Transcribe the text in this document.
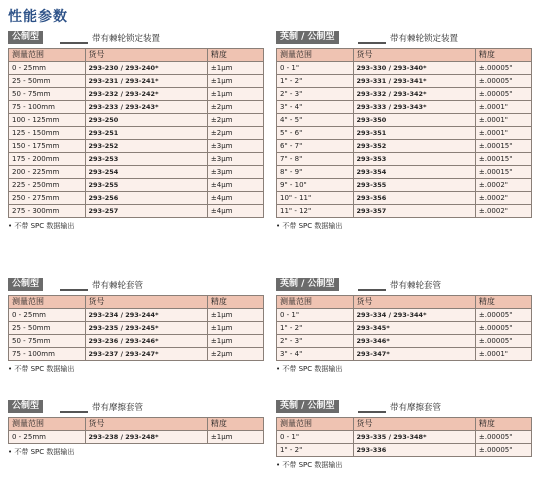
性能参数
公制型	带有棘轮锁定装置
测量范围	货号	精度
0 - 25mm	293-230 / 293-240*	±1μm
25 - 50mm	293-231 / 293-241*	±1μm
50 - 75mm	293-232 / 293-242*	±1μm
75 - 100mm	293-233 / 293-243*	±2μm
100 - 125mm	293-250	±2μm
125 - 150mm	293-251	±2μm
150 - 175mm	293-252	±3μm
175 - 200mm	293-253	±3μm
200 - 225mm	293-254	±3μm
225 - 250mm	293-255	±4μm
250 - 275mm	293-256	±4μm
275 - 300mm	293-257	±4μm
• 不带 SPC 数据输出
英制 / 公制型	带有棘轮锁定装置
测量范围	货号	精度
0 - 1"	293-330 / 293-340*	±.00005"
1" - 2"	293-331 / 293-341*	±.00005"
2" - 3"	293-332 / 293-342*	±.00005"
3" - 4"	293-333 / 293-343*	±.0001"
4" - 5"	293-350	±.0001"
5" - 6"	293-351	±.0001"
6" - 7"	293-352	±.00015"
7" - 8"	293-353	±.00015"
8" - 9"	293-354	±.00015"
9" - 10"	293-355	±.0002"
10" - 11"	293-356	±.0002"
11" - 12"	293-357	±.0002"
• 不带 SPC 数据输出
公制型	带有棘轮套管
测量范围	货号	精度
0 - 25mm	293-234 / 293-244*	±1μm
25 - 50mm	293-235 / 293-245*	±1μm
50 - 75mm	293-236 / 293-246*	±1μm
75 - 100mm	293-237 / 293-247*	±2μm
• 不带 SPC 数据输出
英制 / 公制型	带有棘轮套管
测量范围	货号	精度
0 - 1"	293-334 / 293-344*	±.00005"
1" - 2"	293-345*	±.00005"
2" - 3"	293-346*	±.00005"
3" - 4"	293-347*	±.0001"
• 不带 SPC 数据输出
公制型	带有摩擦套管
测量范围	货号	精度
0 - 25mm	293-238 / 293-248*	±1μm
• 不带 SPC 数据输出
英制 / 公制型	带有摩擦套管
测量范围	货号	精度
0 - 1"	293-335 / 293-348*	±.00005"
1" - 2"	293-336	±.00005"
• 不带 SPC 数据输出
